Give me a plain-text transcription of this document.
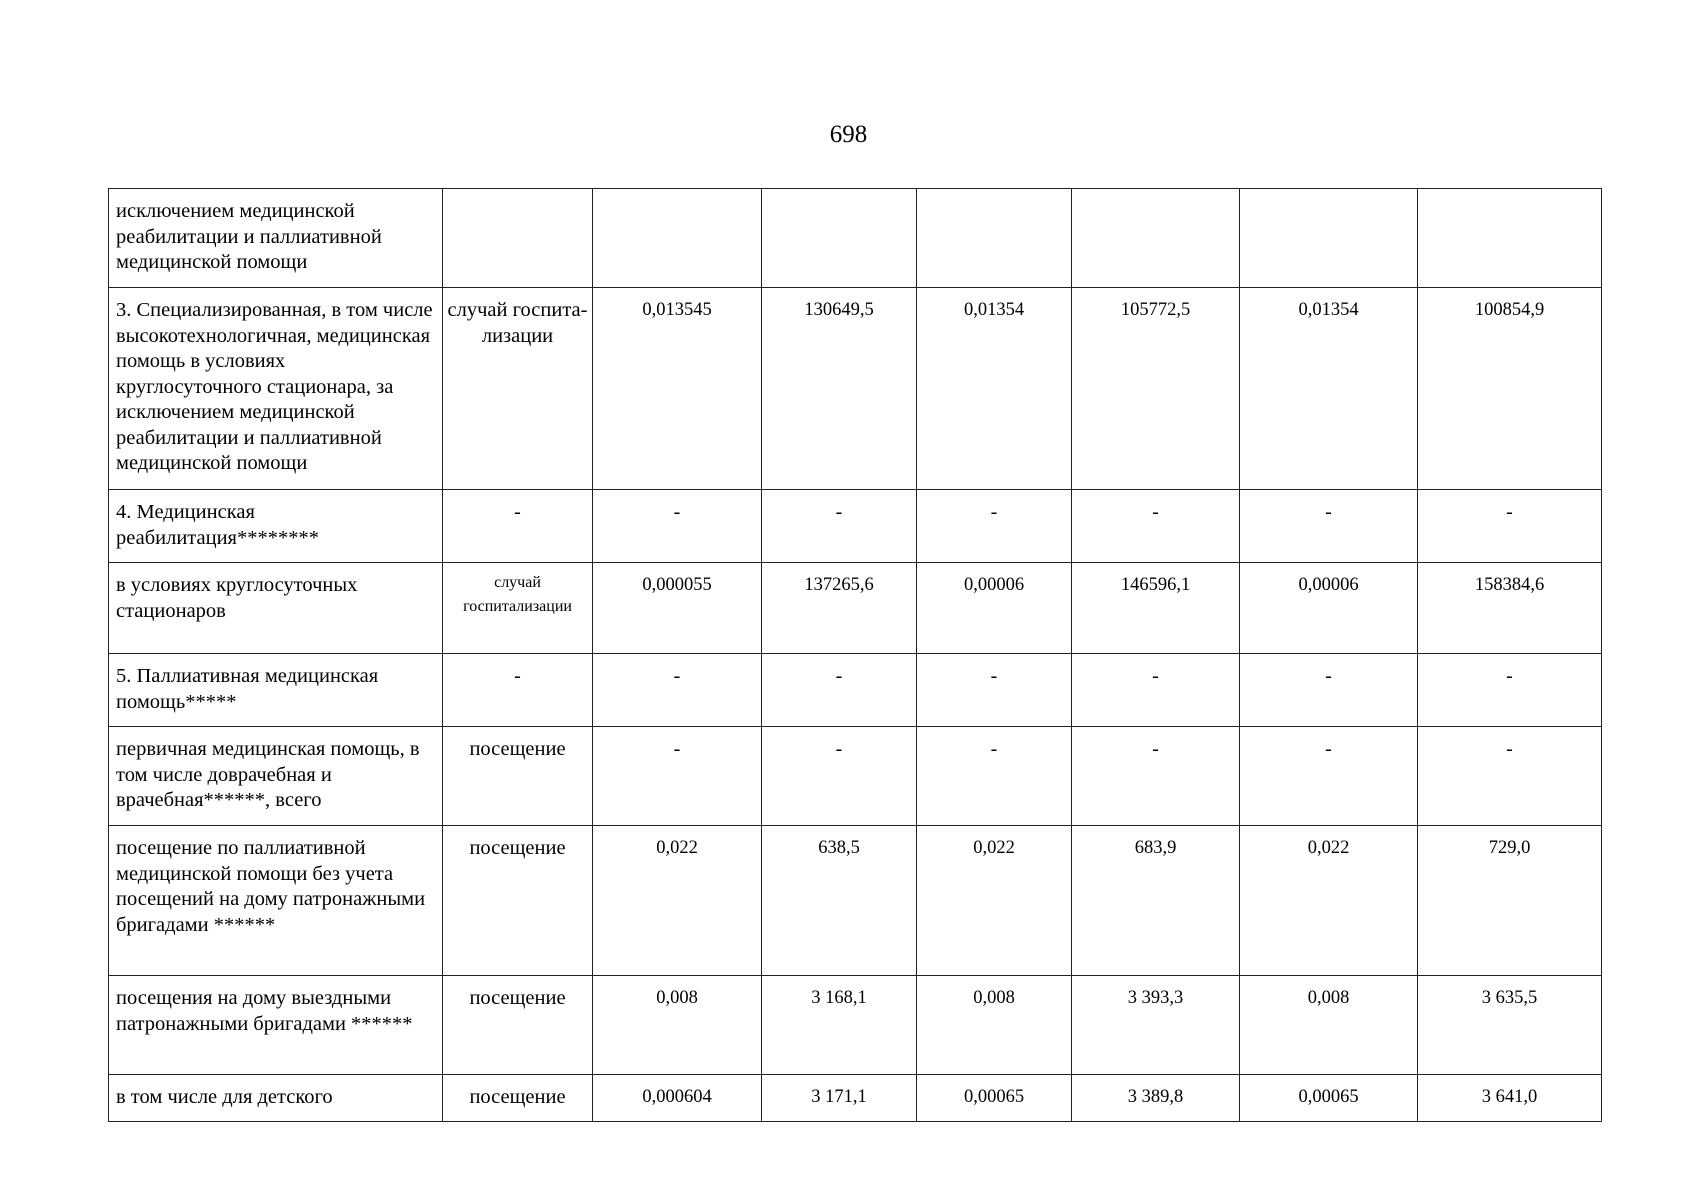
698
исключением медицинской реабилитации и паллиативной медицинской помощи							
3. Специализированная, в том числе высокотехнологичная, медицинская помощь в условиях круглосуточного стационара, за исключением медицинской реабилитации и паллиативной медицинской помощи	случай госпита-лизации	0,013545	130649,5	0,01354	105772,5	0,01354	100854,9
4. Медицинская реабилитация********	-	-	-	-	-	-	-
в условиях круглосуточных стационаров	случай госпитализации	0,000055	137265,6	0,00006	146596,1	0,00006	158384,6
5. Паллиативная медицинская помощь*****	-	-	-	-	-	-	-
первичная медицинская помощь, в том числе доврачебная и врачебная******, всего	посещение	-	-	-	-	-	-
посещение по паллиативной медицинской помощи без учета посещений на дому патронажными бригадами ******	посещение	0,022	638,5	0,022	683,9	0,022	729,0
посещения на дому выездными патронажными бригадами ******	посещение	0,008	3 168,1	0,008	3 393,3	0,008	3 635,5
в том числе для детского	посещение	0,000604	3 171,1	0,00065	3 389,8	0,00065	3 641,0
